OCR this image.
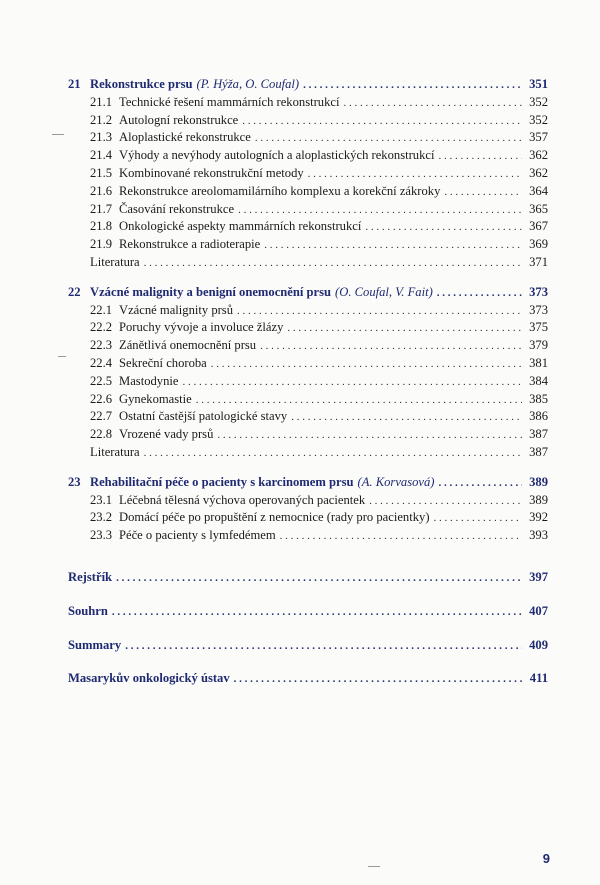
21 Rekonstrukce prsu (P. Hýža, O. Coufal) . . .	351
21.1 Technické řešení mammárních rekonstrukcí . . .	352
21.2 Autologní rekonstrukce . . .	352
21.3 Aloplastické rekonstrukce . . .	357
21.4 Výhody a nevýhody autologních a aloplastických rekonstrukcí . . .	362
21.5 Kombinované rekonstrukční metody . . .	362
21.6 Rekonstrukce areolomamilárního komplexu a korekční zákroky . . .	364
21.7 Časování rekonstrukce . . .	365
21.8 Onkologické aspekty mammárních rekonstrukcí . . .	367
21.9 Rekonstrukce a radioterapie . . .	369
Literatura . . .	371
22 Vzácné malignity a benigní onemocnění prsu (O. Coufal, V. Fait) . . .	373
22.1 Vzácné malignity prsů . . .	373
22.2 Poruchy vývoje a involuce žlázy . . .	375
22.3 Zánětlivá onemocnění prsu . . .	379
22.4 Sekreční choroba . . .	381
22.5 Mastodynie . . .	384
22.6 Gynekomastie . . .	385
22.7 Ostatní častější patologické stavy . . .	386
22.8 Vrozené vady prsů . . .	387
Literatura . . .	387
23 Rehabilitační péče o pacienty s karcinomem prsu (A. Korvasová) . . .	389
23.1 Léčebná tělesná výchova operovaných pacientek . . .	389
23.2 Domácí péče po propuštění z nemocnice (rady pro pacientky) . . .	392
23.3 Péče o pacienty s lymfedémem . . .	393
Rejstřík . . .	397
Souhrn . . .	407
Summary . . .	409
Masarykův onkologický ústav . . .	411
9
